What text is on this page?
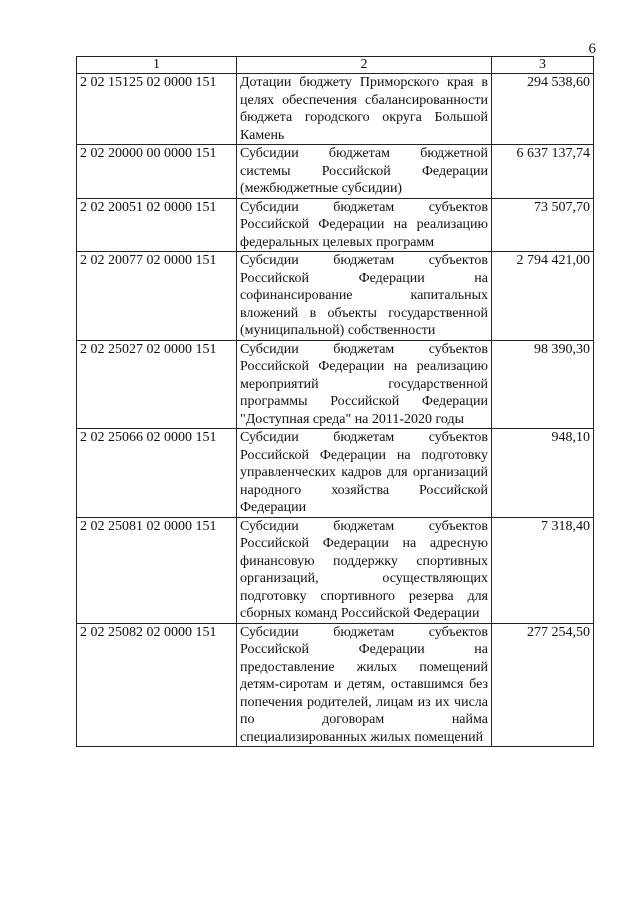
6
1	2	3
2 02 15125 02 0000 151	Дотации бюджету Приморского края в целях обеспечения сбалансированности бюджета городского округа Большой Камень	294 538,60
2 02 20000 00 0000 151	Субсидии бюджетам бюджетной системы Российской Федерации (межбюджетные субсидии)	6 637 137,74
2 02 20051 02 0000 151	Субсидии бюджетам субъектов Российской Федерации на реализацию федеральных целевых программ	73 507,70
2 02 20077 02 0000 151	Субсидии бюджетам субъектов Российской Федерации на софинансирование капитальных вложений в объекты государственной (муниципальной) собственности	2 794 421,00
2 02 25027 02 0000 151	Субсидии бюджетам субъектов Российской Федерации на реализацию мероприятий государственной программы Российской Федерации "Доступная среда" на 2011-2020 годы	98 390,30
2 02 25066 02 0000 151	Субсидии бюджетам субъектов Российской Федерации на подготовку управленческих кадров для организаций народного хозяйства Российской Федерации	948,10
2 02 25081 02 0000 151	Субсидии бюджетам субъектов Российской Федерации на адресную финансовую поддержку спортивных организаций, осуществляющих подготовку спортивного резерва для сборных команд Российской Федерации	7 318,40
2 02 25082 02 0000 151	Субсидии бюджетам субъектов Российской Федерации на предоставление жилых помещений детям-сиротам и детям, оставшимся без попечения родителей, лицам из их числа по договорам найма специализированных жилых помещений	277 254,50
